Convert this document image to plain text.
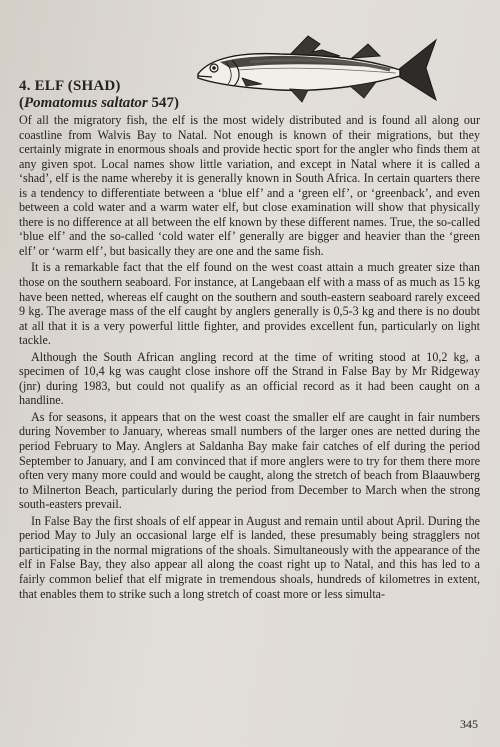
4. ELF (SHAD)
(Pomatomus saltator 547)

Of all the migratory fish, the elf is the most widely distributed and is found all along our coastline from Walvis Bay to Natal. Not enough is known of their migrations, but they certainly migrate in enormous shoals and provide hectic sport for the angler who finds them at any given spot. Local names show little variation, and except in Natal where it is called a ‘shad’, elf is the name whereby it is generally known in South Africa. In certain quarters there is a tendency to differentiate between a ‘blue elf’ and a ‘green elf’, or ‘greenback’, and even between a cold water and a warm water elf, but close examination will show that physically there is no difference at all between the elf known by these different names. True, the so-called ‘blue elf’ and the so-called ‘cold water elf’ generally are bigger and heavier than the ‘green elf’ or ‘warm elf’, but basically they are one and the same fish.

It is a remarkable fact that the elf found on the west coast attain a much greater size than those on the southern seaboard. For instance, at Langebaan elf with a mass of as much as 15 kg have been netted, whereas elf caught on the southern and south-eastern seaboard rarely exceed 9 kg. The average mass of the elf caught by anglers generally is 0,5-3 kg and there is no doubt at all that it is a very powerful little fighter, and provides excellent fun, particularly on light tackle.

Although the South African angling record at the time of writing stood at 10,2 kg, a specimen of 10,4 kg was caught close inshore off the Strand in False Bay by Mr Ridgeway (jnr) during 1983, but could not qualify as an official record as it had been caught on a handline.

As for seasons, it appears that on the west coast the smaller elf are caught in fair numbers during November to January, whereas small numbers of the larger ones are netted during the period February to May. Anglers at Saldanha Bay make fair catches of elf during the period September to January, and I am convinced that if more anglers were to try for them there more often very many more could and would be caught, along the stretch of beach from Blaauwberg to Milnerton Beach, particularly during the period from December to March when the strong south-easters prevail.

In False Bay the first shoals of elf appear in August and remain until about April. During the period May to July an occasional large elf is landed, these presumably being stragglers not participating in the normal migrations of the shoals. Simultaneously with the appearance of the elf in False Bay, they also appear all along the coast right up to Natal, and this has led to a fairly common belief that elf migrate in tremendous shoals, hundreds of kilometres in extent, that enables them to strike such a long stretch of coast more or less simulta-

345
